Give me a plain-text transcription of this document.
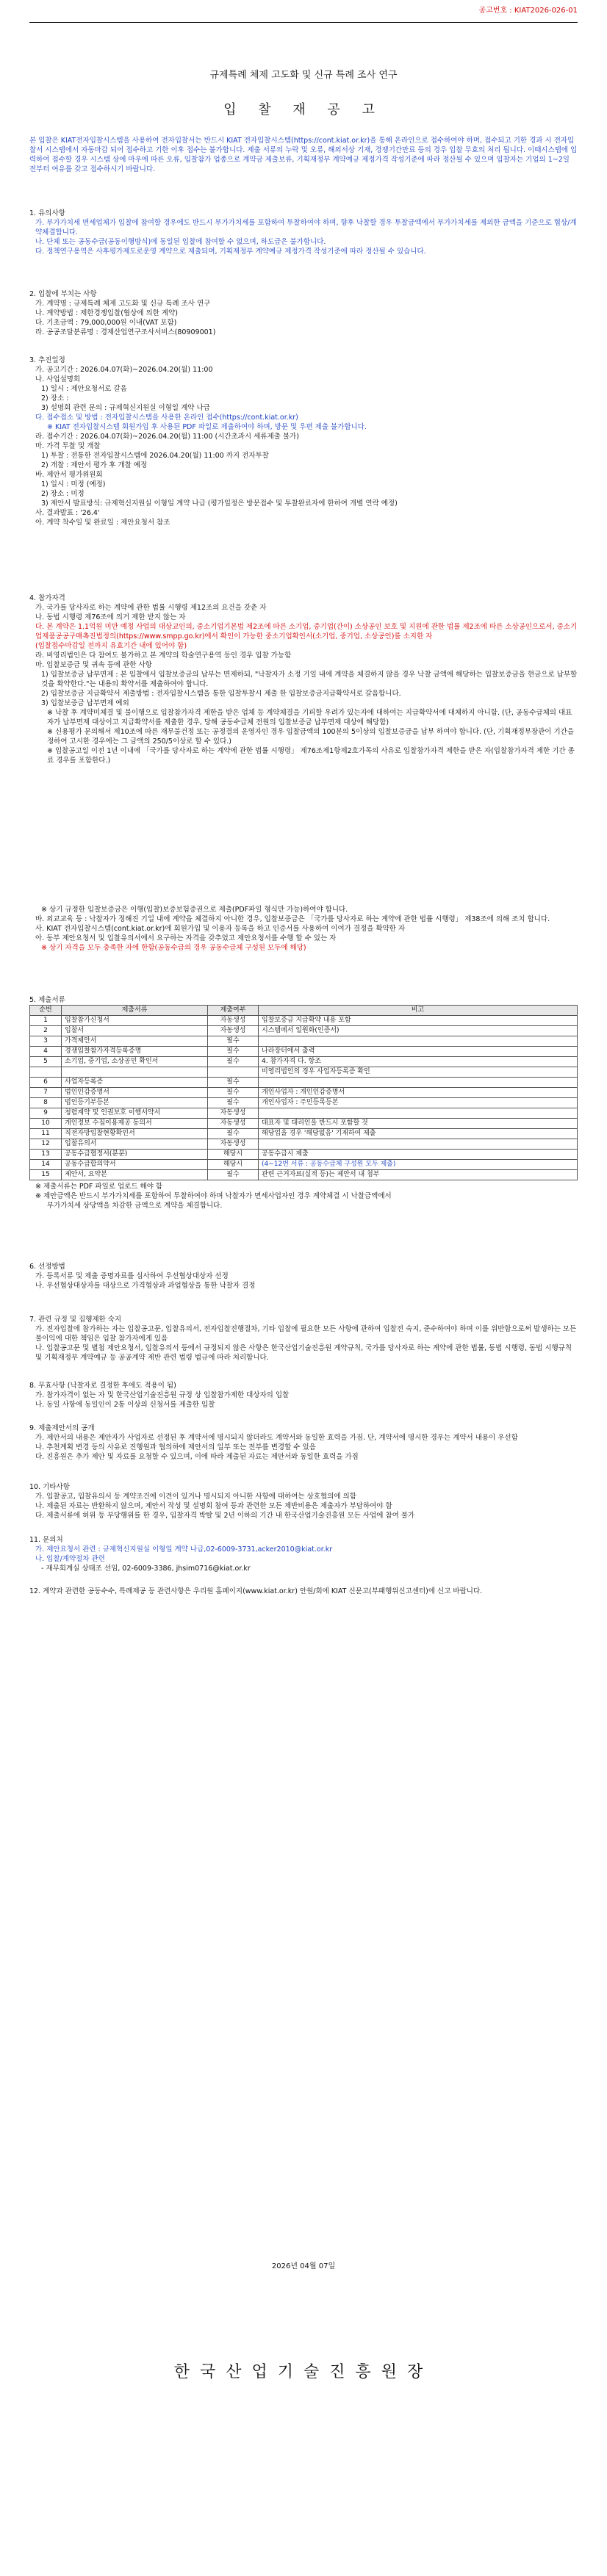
공고번호 : KIAT2026-026-01
규제특례 체제 고도화 및 신규 특례 조사 연구
입 찰 재 공 고

본 입찰은 KIAT전자입찰시스템을 사용하여 전자입찰서는 반드시 KIAT 전자입찰시스템(https://cont.kiat.or.kr)을 통해 온라인으로 접수하여야 하며, 접수되고 기한 경과 시 전자입찰서 시스템에서 자동마감 되어 접수하고 기한 이후 접수는 불가합니다. 제출 서류의 누락 및 오류, 해외서상 기재, 경쟁기간만료 등의 경우 입찰 무효의 처리 됩니다. 이때시스템에 입력하여 접수할 경우 시스템 상에 마우에 따른 오류, 입찰참가 업종으로 계약금 제출보류, 기획재정부 계약예규 제정가격 작성기준에 따라 정산될 수 있으며 입찰자는 기업의 1~2일 전부터 여유를 갖고 접수하시기 바랍니다.

1. 유의사항

가. 부가가치세 면세업체가 입찰에 참여할 경우에도 반드시 부가가치세를 포함하여 투찰하여야 하며, 향후 낙찰할 경우 투찰금액에서 부가가치세를 제외한 금액을 기준으로 협상/계약체결합니다.

나. 단체 또는 공동수급(공동이행방식)에 동일된 입찰에 참여할 수 없으며, 하도급은 불가합니다.

다. 정책연구용역은 사후평가제도로운영 계약으로 제출되며, 기획재정부 계약예규 제정가격 작성기준에 따라 정산될 수 있습니다.

2. 입찰에 부치는 사항

가. 계약명 : 규제특례 체제 고도화 및 신규 특례 조사 연구

나. 계약방법 : 제한경쟁입찰(협상에 의한 계약)

다. 기초금액 : 79,000,000원 이내(VAT 포함)

라. 공공조달분류명 : 경제산업연구조사서비스(80909001)

3. 추진일정

가. 공고기간 : 2026.04.07(화)~2026.04.20(월) 11:00

나. 사업설명회

1) 일시 : 제안요청서로 갈음

2) 장소 :

3) 설명회 관련 문의 : 규제혁신지원실 이형일 계약 나급

다. 접수접소 및 방법 : 전자입찰시스템을 사용한 온라인 접수(https://cont.kiat.or.kr)

※ KIAT 전자입찰시스템 회원가입 후 사용된 PDF 파일로 제출하여야 하며, 방문 및 우편 제출 불가합니다.

라. 접수기간 : 2026.04.07(화)~2026.04.20(월) 11:00 (시간초과시 세류제출 불가)

마. 가격 투찰 및 개찰

1) 투찰 : 전통한 전자입찰시스템에 2026.04.20(월) 11:00 까지 전자투찰

2) 개찰 : 제안서 평가 후 개찰 예정

바. 제안서 평가위원회

1) 일시 : 미정 (예정)

2) 장소 : 미정

3) 제안서 발표방식: 규제혁신지원실 이형일 계약 나급 (평가일정은 방문접수 및 투찰완료자에 한하여 개별 연락 예정)

사. 결과발표 : '26.4'

아. 계약 착수일 및 완료일 : 제안요청서 참조

4. 참가자격

가. 국가를 당사자로 하는 계약에 관한 법률 시행령 제12조의 요건을 갖춘 자

나. 동법 시행령 제76조에 의거 제한 받지 않는 자

다. 본 계약은 1.1억원 미만 예정 사업의 대상교인의, 중소기업기본법 제2조에 따른 소기업, 중기업(간이) 소상공인 보호 및 지원에 관한 법률 제2조에 따른 소상공인으로서, 중소기업제품공공구매촉진법정의(https://www.smpp.go.kr)에서 확인이 가능한 중소기업확인서(소기업, 중기업, 소상공인)를 소지한 자

(입찰접수마감일 전까지 유효기간 내에 있어야 함)

라. 비영리법인은 다 참여도 불가하고 본 계약의 학술연구용역 등인 경우 입찰 가능함

마. 입찰보증금 및 귀속 등에 관한 사항

1) 입찰보증금 납부면제 : 본 입찰에서 입찰보증금의 납부는 면제하되, "낙찰자가 소정 기일 내에 계약을 체결하지 않을 경우 낙찰 금액에 해당하는 입찰보증금을 현금으로 납부할 것을 확약한다."는 내용의 확약서를 제출하여야 합니다.

2) 입찰보증금 지급확약서 제출방법 : 전자입찰시스템을 통한 입찰투찰시 제출 한 입찰보증금지급확약서로 갈음합니다.

3) 입찰보증금 납부면제 예외

※ 낙찰 후 계약미체결 및 불이행으로 입찰참가자격 제한을 받은 업체 등 계약체결을 기피할 우려가 있는자에 대하여는 지급확약서에 대체하지 아니함. (단, 공동수급체의 대표자가 납부면제 대상이고 지급확약서를 제출한 경우, 당해 공동수급체 전원의 입찰보증금 납부면제 대상에 해당함)

※ 신용평가 문의해서 제10조에 따른 재무불건정 또는 공정결의 운영자인 경우 입찰금액의 100분의 5이상의 입찰보증금을 납부 하여야 합니다. (단, 기획재정부장관이 기간을 정하여 고시한 경우에는 그 금액의 250/5이상로 할 수 있다.)

※ 입찰공고일 이전 1년 이내에 「국가를 당사자로 하는 계약에 관한 법률 시행령」 제76조제1항제2호가목의 사유로 입찰참가자격 제한을 받은 자(입찰참가자격 제한 기간 종료 경우를 포함한다.)

※ 상기 규정한 입찰보증금은 이행(입찰)보증보험증권으로 제출(PDF파일 형식만 가능)하여야 합니다.

바. 외교교육 등 : 낙찰자가 정해진 기일 내에 계약을 체결하지 아니한 경우, 입찰보증금은 「국가를 당사자로 하는 계약에 관한 법률 시행령」 제38조에 의해 조치 합니다.

사. KIAT 전자입찰시스템(cont.kiat.or.kr)에 회원가입 및 이용자 등록을 하고 인증서를 사용하여 이여가 결정을 확약한 자

아. 동부 제안요청서 및 입찰유의서에서 요구하는 자격을 갖추었고 제안요청서를 수행 할 수 있는 자

※ 상기 자격을 모두 충족한 자에 한함(공동수급의 경우 공동수급체 구성원 모두에 해당)

5. 제출서류

순번	제출서류	제출여부	비고
1	입찰참가신청서	자동생성	입찰보증금 지급확약 내용 포함
2	입찰서	자동생성	시스템에서 일원화(인증서)
3	가격제안서	필수	
4	경쟁입찰참가자격등록증명	필수	나라장터에서 출력
5	소기업, 중기업, 소상공인 확인서	필수	4. 참가자격 다. 항조
			비영리법인의 경우 사업자등록증 확인
6	사업자등록증	필수	
7	법인인감증명서	필수	개인사업자 : 개인인감증명서
8	법인등기부등본	필수	개인사업자 : 주민등록등본
9	청렴계약 및 인권보호 이행서약서	자동생성	
10	개인정보 수집이용제공 동의서	자동생성	대표자 및 대리인을 반드시 포함할 것
11	직전자방입찰현황확인서	필수	해당업을 경우 '해당없음' 기재하여 제출
12	입찰유의서	자동생성	
13	공동수급협정서(분분)	해당시	공동수급시 제출
14	공동수급합의약서	해당시	(4~12번 서류 : 공동수급체 구성원 모두 제출)
15	제안서, 요약본	필수	관련 근거자료(실적 등)는 제안서 내 첨부

※ 제출서류는 PDF 파일로 업로드 해야 함

※ 제안금액은 반드시 부가가치세를 포함하여 투찰하여야 하며 낙찰자가 면세사업자인 경우 계약체결 시 낙찰금액에서

부가가치세 상당액을 차감한 금액으로 계약을 체결합니다.

6. 선정방법

가. 등록서류 및 제출 증명자료를 심사하여 우선협상대상자 선정

나. 우선협상대상자를 대상으로 가격협상과 과업협상을 통한 낙찰자 결정

7. 관련 규정 및 집행제한 숙지

가. 전자입찰에 참가하는 자는 입찰공고문, 입찰유의서, 전자입찰진행절차, 기타 입찰에 필요한 모든 사항에 관하여 입찰전 숙지, 준수하여야 하며 이를 위반함으로써 발생하는 모든 불이익에 대한 책임은 입찰 참가자에게 있음

나. 입찰공고문 및 별첨 제안요청서, 입찰유의서 등에서 규정되지 않은 사항은 한국산업기술진흥원 계약규칙, 국가를 당사자로 하는 계약에 관한 법률, 동법 시행령, 동법 시행규칙 및 기획재정부 계약예규 등 공공계약 제반 관련 법령 법규에 따라 처리합니다.

8. 무효사항 (낙찰자로 결정한 후에도 적용이 됨)

가. 참가자격이 없는 자 및 한국산업기술진흥원 규정 상 입찰참가제한 대상자의 입찰

나. 동일 사항에 동일인이 2통 이상의 신청서를 제출한 입찰

9. 제출제안서의 공개

가. 제안서의 내용은 제안자가 사업자로 선정된 후 계약서에 명시되지 않더라도 계약서와 동일한 효력을 가짐. 단, 계약서에 명시한 경우는 계약서 내용이 우선함

나. 추천계획 변경 등의 사유로 진행원과 협의하에 제안서의 일부 또는 전부를 변경할 수 있음

다. 진흥원은 추가 제안 및 자료를 요청할 수 있으며, 이에 따라 제출된 자료는 제안서와 동일한 효력을 가짐

10. 기타사항

가. 입찰공고, 입찰유의서 등 계약조건에 이견이 있거나 명시되지 아니한 사항에 대하여는 상호협의에 의함

나. 제출된 자료는 반환하지 않으며, 제안서 작성 및 설명회 참여 등과 관련한 모든 제반비용은 제출자가 부담하여야 함

다. 제출서류에 허위 등 부당행위를 한 경우, 입찰자격 박탈 및 2년 이하의 기간 내 한국산업기술진흥원 모든 사업에 참여 불가

11. 문의처

가. 제안요청서 관련 : 규제혁신지원실 이형일 계약 나급,02-6009-3731,acker2010@kiat.or.kr

나. 입찰/계약절차 관련

- 재무회계실 상태조 선임, 02-6009-3386, jhsim0716@kiat.or.kr

12. 계약과 관련한 공동수수, 특례제공 등 관련사항은 우리원 홈페이지(www.kiat.or.kr) 안원/회에 KIAT 신문고(부패행위신고센터)에 신고 바랍니다.

2026년 04월 07일
한국산업기술진흥원장
